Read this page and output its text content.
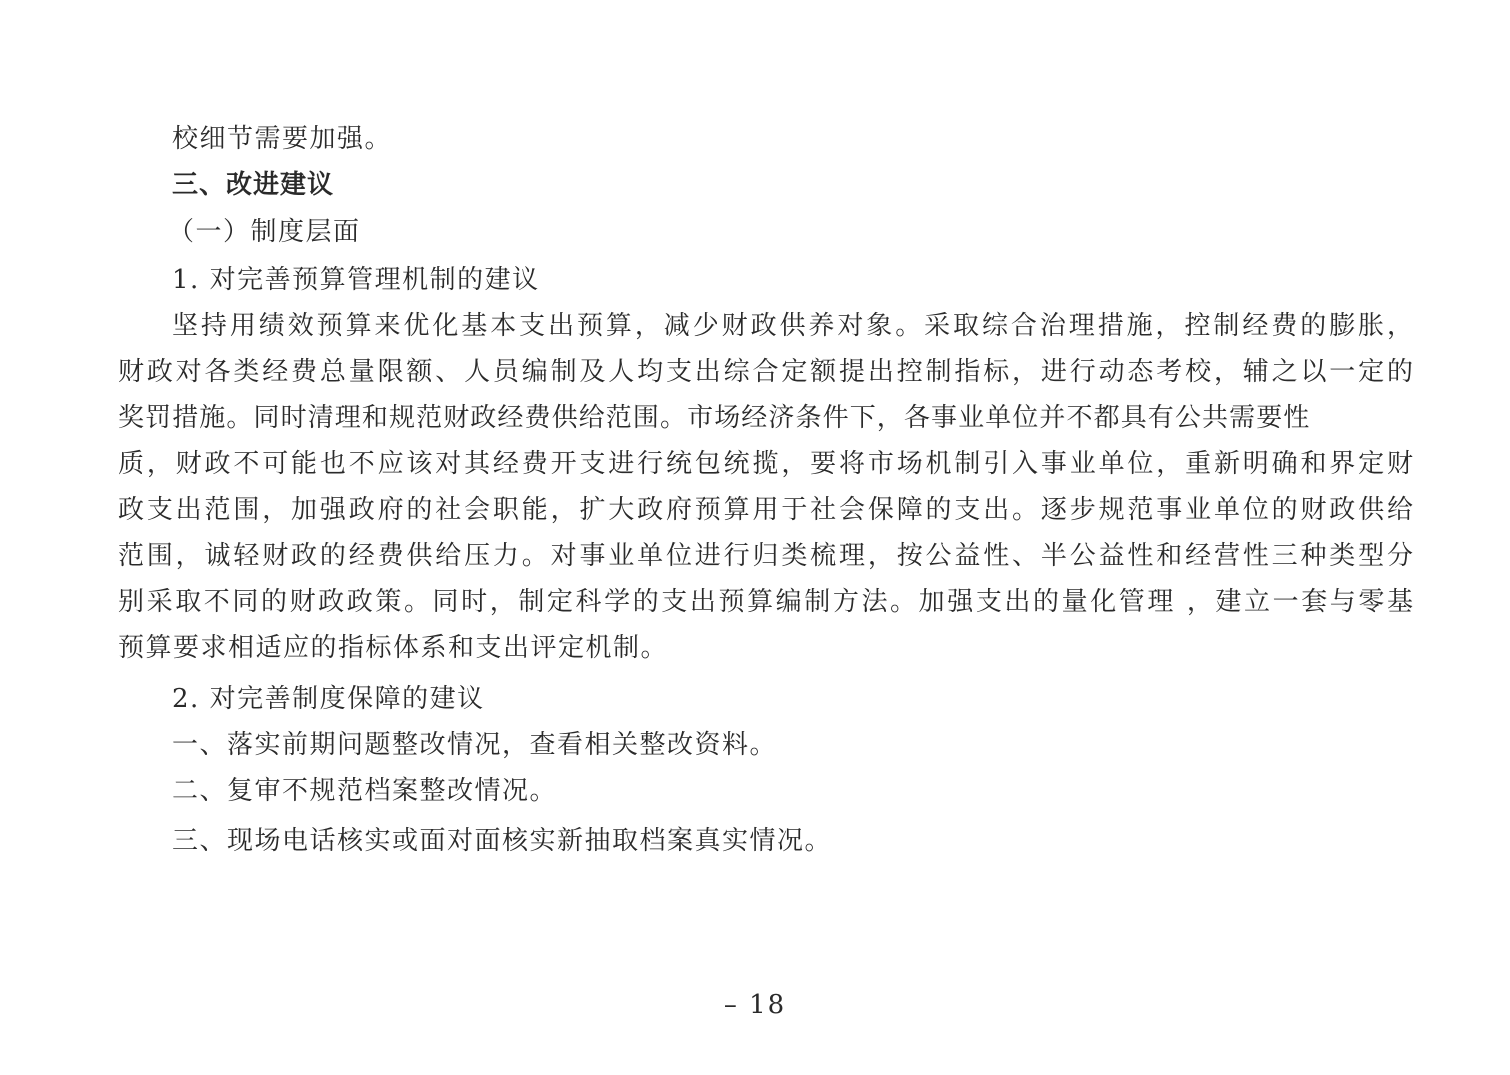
校细节需要加强。
三、改进建议
（一）制度层面
1. 对完善预算管理机制的建议
坚持用绩效预算来优化基本支出预算，减少财政供养对象。采取综合治理措施，控制经费的膨胀，
财政对各类经费总量限额、人员编制及人均支出综合定额提出控制指标，进行动态考校，辅之以一定的
奖罚措施。同时清理和规范财政经费供给范围。市场经济条件下，各事业单位并不都具有公共需要性
质，财政不可能也不应该对其经费开支进行统包统揽，要将市场机制引入事业单位，重新明确和界定财
政支出范围，加强政府的社会职能，扩大政府预算用于社会保障的支出。逐步规范事业单位的财政供给
范围，诚轻财政的经费供给压力。对事业单位进行归类梳理，按公益性、半公益性和经营性三种类型分
别采取不同的财政政策。同时，制定科学的支出预算编制方法。加强支出的量化管理 ，建立一套与零基
预算要求相适应的指标体系和支出评定机制。
2. 对完善制度保障的建议
一、落实前期问题整改情况，查看相关整改资料。
二、复审不规范档案整改情况。
三、现场电话核实或面对面核实新抽取档案真实情况。
– 18
